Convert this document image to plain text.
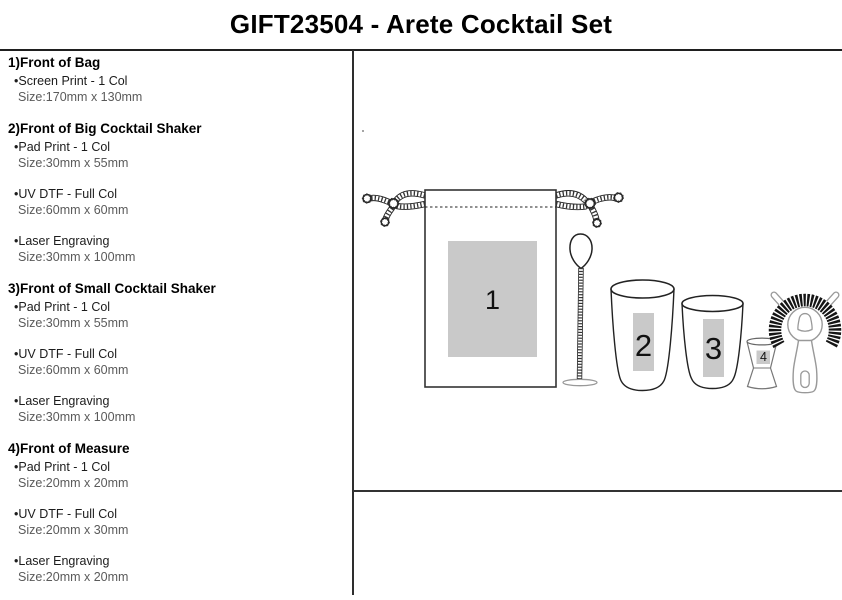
GIFT23504 - Arete Cocktail Set
1)Front of Bag
•Screen Print - 1 Col
Size:170mm x 130mm
2)Front of Big Cocktail Shaker
•Pad Print - 1 Col
Size:30mm x 55mm
•UV DTF - Full Col
Size:60mm x 60mm
•Laser Engraving
Size:30mm x 100mm
3)Front of Small Cocktail Shaker
•Pad Print - 1 Col
Size:30mm x 55mm
•UV DTF - Full Col
Size:60mm x 60mm
•Laser Engraving
Size:30mm x 100mm
4)Front of Measure
•Pad Print - 1 Col
Size:20mm x 20mm
•UV DTF - Full Col
Size:20mm x 30mm
•Laser Engraving
Size:20mm x 20mm
1
2 3	4
